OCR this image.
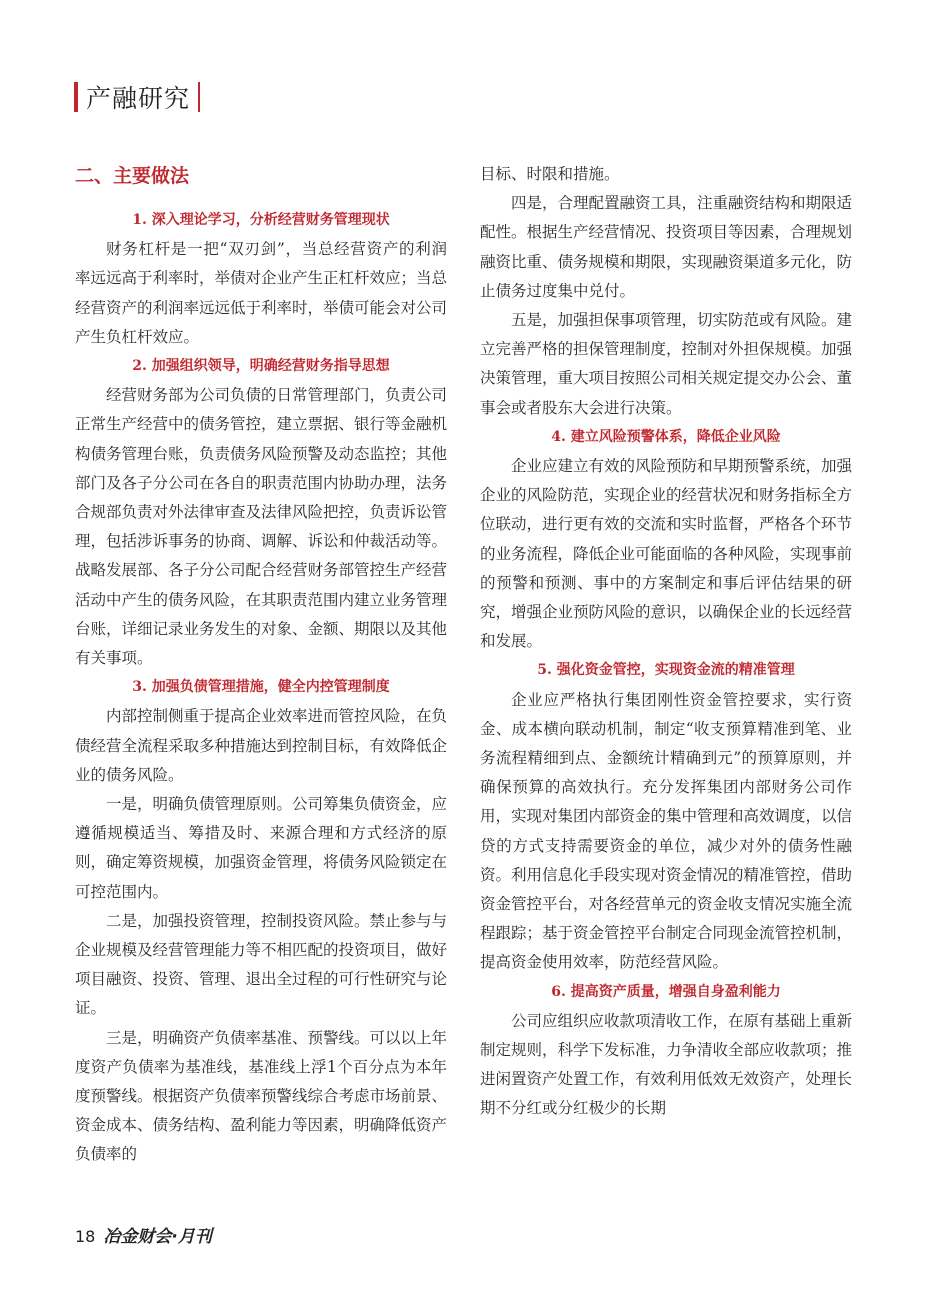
产融研究
二、主要做法
1. 深入理论学习，分析经营财务管理现状

财务杠杆是一把“双刃剑”，当总经营资产的利润率远远高于利率时，举债对企业产生正杠杆效应；当总经营资产的利润率远远低于利率时，举债可能会对公司产生负杠杆效应。

2. 加强组织领导，明确经营财务指导思想

经营财务部为公司负债的日常管理部门，负责公司正常生产经营中的债务管控，建立票据、银行等金融机构债务管理台账，负责债务风险预警及动态监控；其他部门及各子分公司在各自的职责范围内协助办理，法务合规部负责对外法律审查及法律风险把控，负责诉讼管理，包括涉诉事务的协商、调解、诉讼和仲裁活动等。战略发展部、各子分公司配合经营财务部管控生产经营活动中产生的债务风险，在其职责范围内建立业务管理台账，详细记录业务发生的对象、金额、期限以及其他有关事项。

3. 加强负债管理措施，健全内控管理制度

内部控制侧重于提高企业效率进而管控风险，在负债经营全流程采取多种措施达到控制目标，有效降低企业的债务风险。

一是，明确负债管理原则。公司筹集负债资金，应遵循规模适当、筹措及时、来源合理和方式经济的原则，确定筹资规模，加强资金管理，将债务风险锁定在可控范围内。

二是，加强投资管理，控制投资风险。禁止参与与企业规模及经营管理能力等不相匹配的投资项目，做好项目融资、投资、管理、退出全过程的可行性研究与论证。

三是，明确资产负债率基准、预警线。可以以上年度资产负债率为基准线，基准线上浮1个百分点为本年度预警线。根据资产负债率预警线综合考虑市场前景、资金成本、债务结构、盈利能力等因素，明确降低资产负债率的

目标、时限和措施。

四是，合理配置融资工具，注重融资结构和期限适配性。根据生产经营情况、投资项目等因素，合理规划融资比重、债务规模和期限，实现融资渠道多元化，防止债务过度集中兑付。

五是，加强担保事项管理，切实防范或有风险。建立完善严格的担保管理制度，控制对外担保规模。加强决策管理，重大项目按照公司相关规定提交办公会、董事会或者股东大会进行决策。

4. 建立风险预警体系，降低企业风险

企业应建立有效的风险预防和早期预警系统，加强企业的风险防范，实现企业的经营状况和财务指标全方位联动，进行更有效的交流和实时监督，严格各个环节的业务流程，降低企业可能面临的各种风险，实现事前的预警和预测、事中的方案制定和事后评估结果的研究，增强企业预防风险的意识，以确保企业的长远经营和发展。

5. 强化资金管控，实现资金流的精准管理

企业应严格执行集团刚性资金管控要求，实行资金、成本横向联动机制，制定“收支预算精准到笔、业务流程精细到点、金额统计精确到元”的预算原则，并确保预算的高效执行。充分发挥集团内部财务公司作用，实现对集团内部资金的集中管理和高效调度，以信贷的方式支持需要资金的单位，减少对外的债务性融资。利用信息化手段实现对资金情况的精准管控，借助资金管控平台，对各经营单元的资金收支情况实施全流程跟踪；基于资金管控平台制定合同现金流管控机制，提高资金使用效率，防范经营风险。

6. 提高资产质量，增强自身盈利能力

公司应组织应收款项清收工作，在原有基础上重新制定规则，科学下发标准，力争清收全部应收款项；推进闲置资产处置工作，有效利用低效无效资产，处理长期不分红或分红极少的长期

18 冶金财会·月刊
